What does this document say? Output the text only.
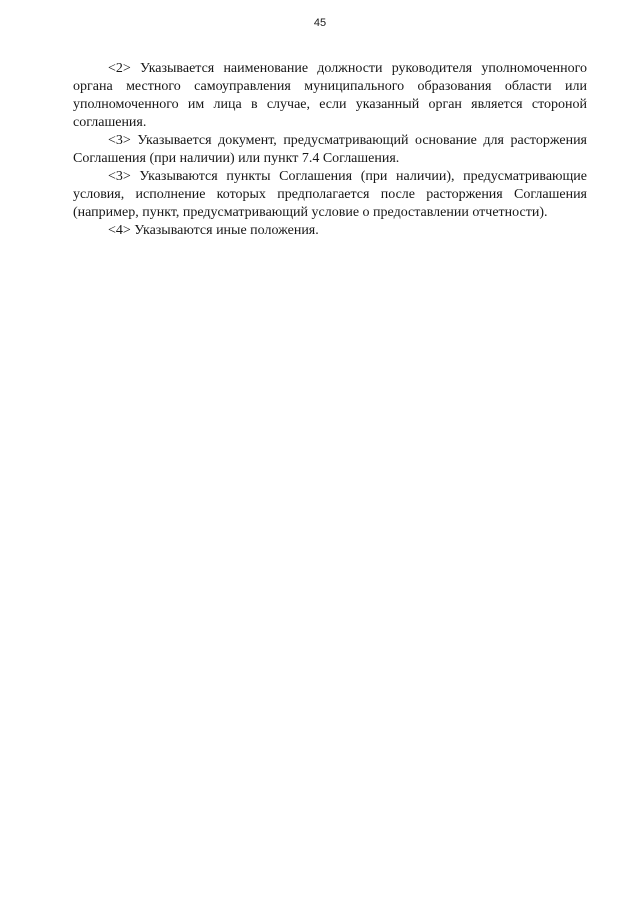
45

<2> Указывается наименование должности руководителя уполномоченного органа местного самоуправления муниципального образования области или уполномоченного им лица в случае, если указанный орган является стороной соглашения.

<3> Указывается документ, предусматривающий основание для расторжения Соглашения (при наличии) или пункт 7.4 Соглашения.

<3> Указываются пункты Соглашения (при наличии), предусматривающие условия, исполнение которых предполагается после расторжения Соглашения (например, пункт, предусматривающий условие о предоставлении отчетности).

<4> Указываются иные положения.
